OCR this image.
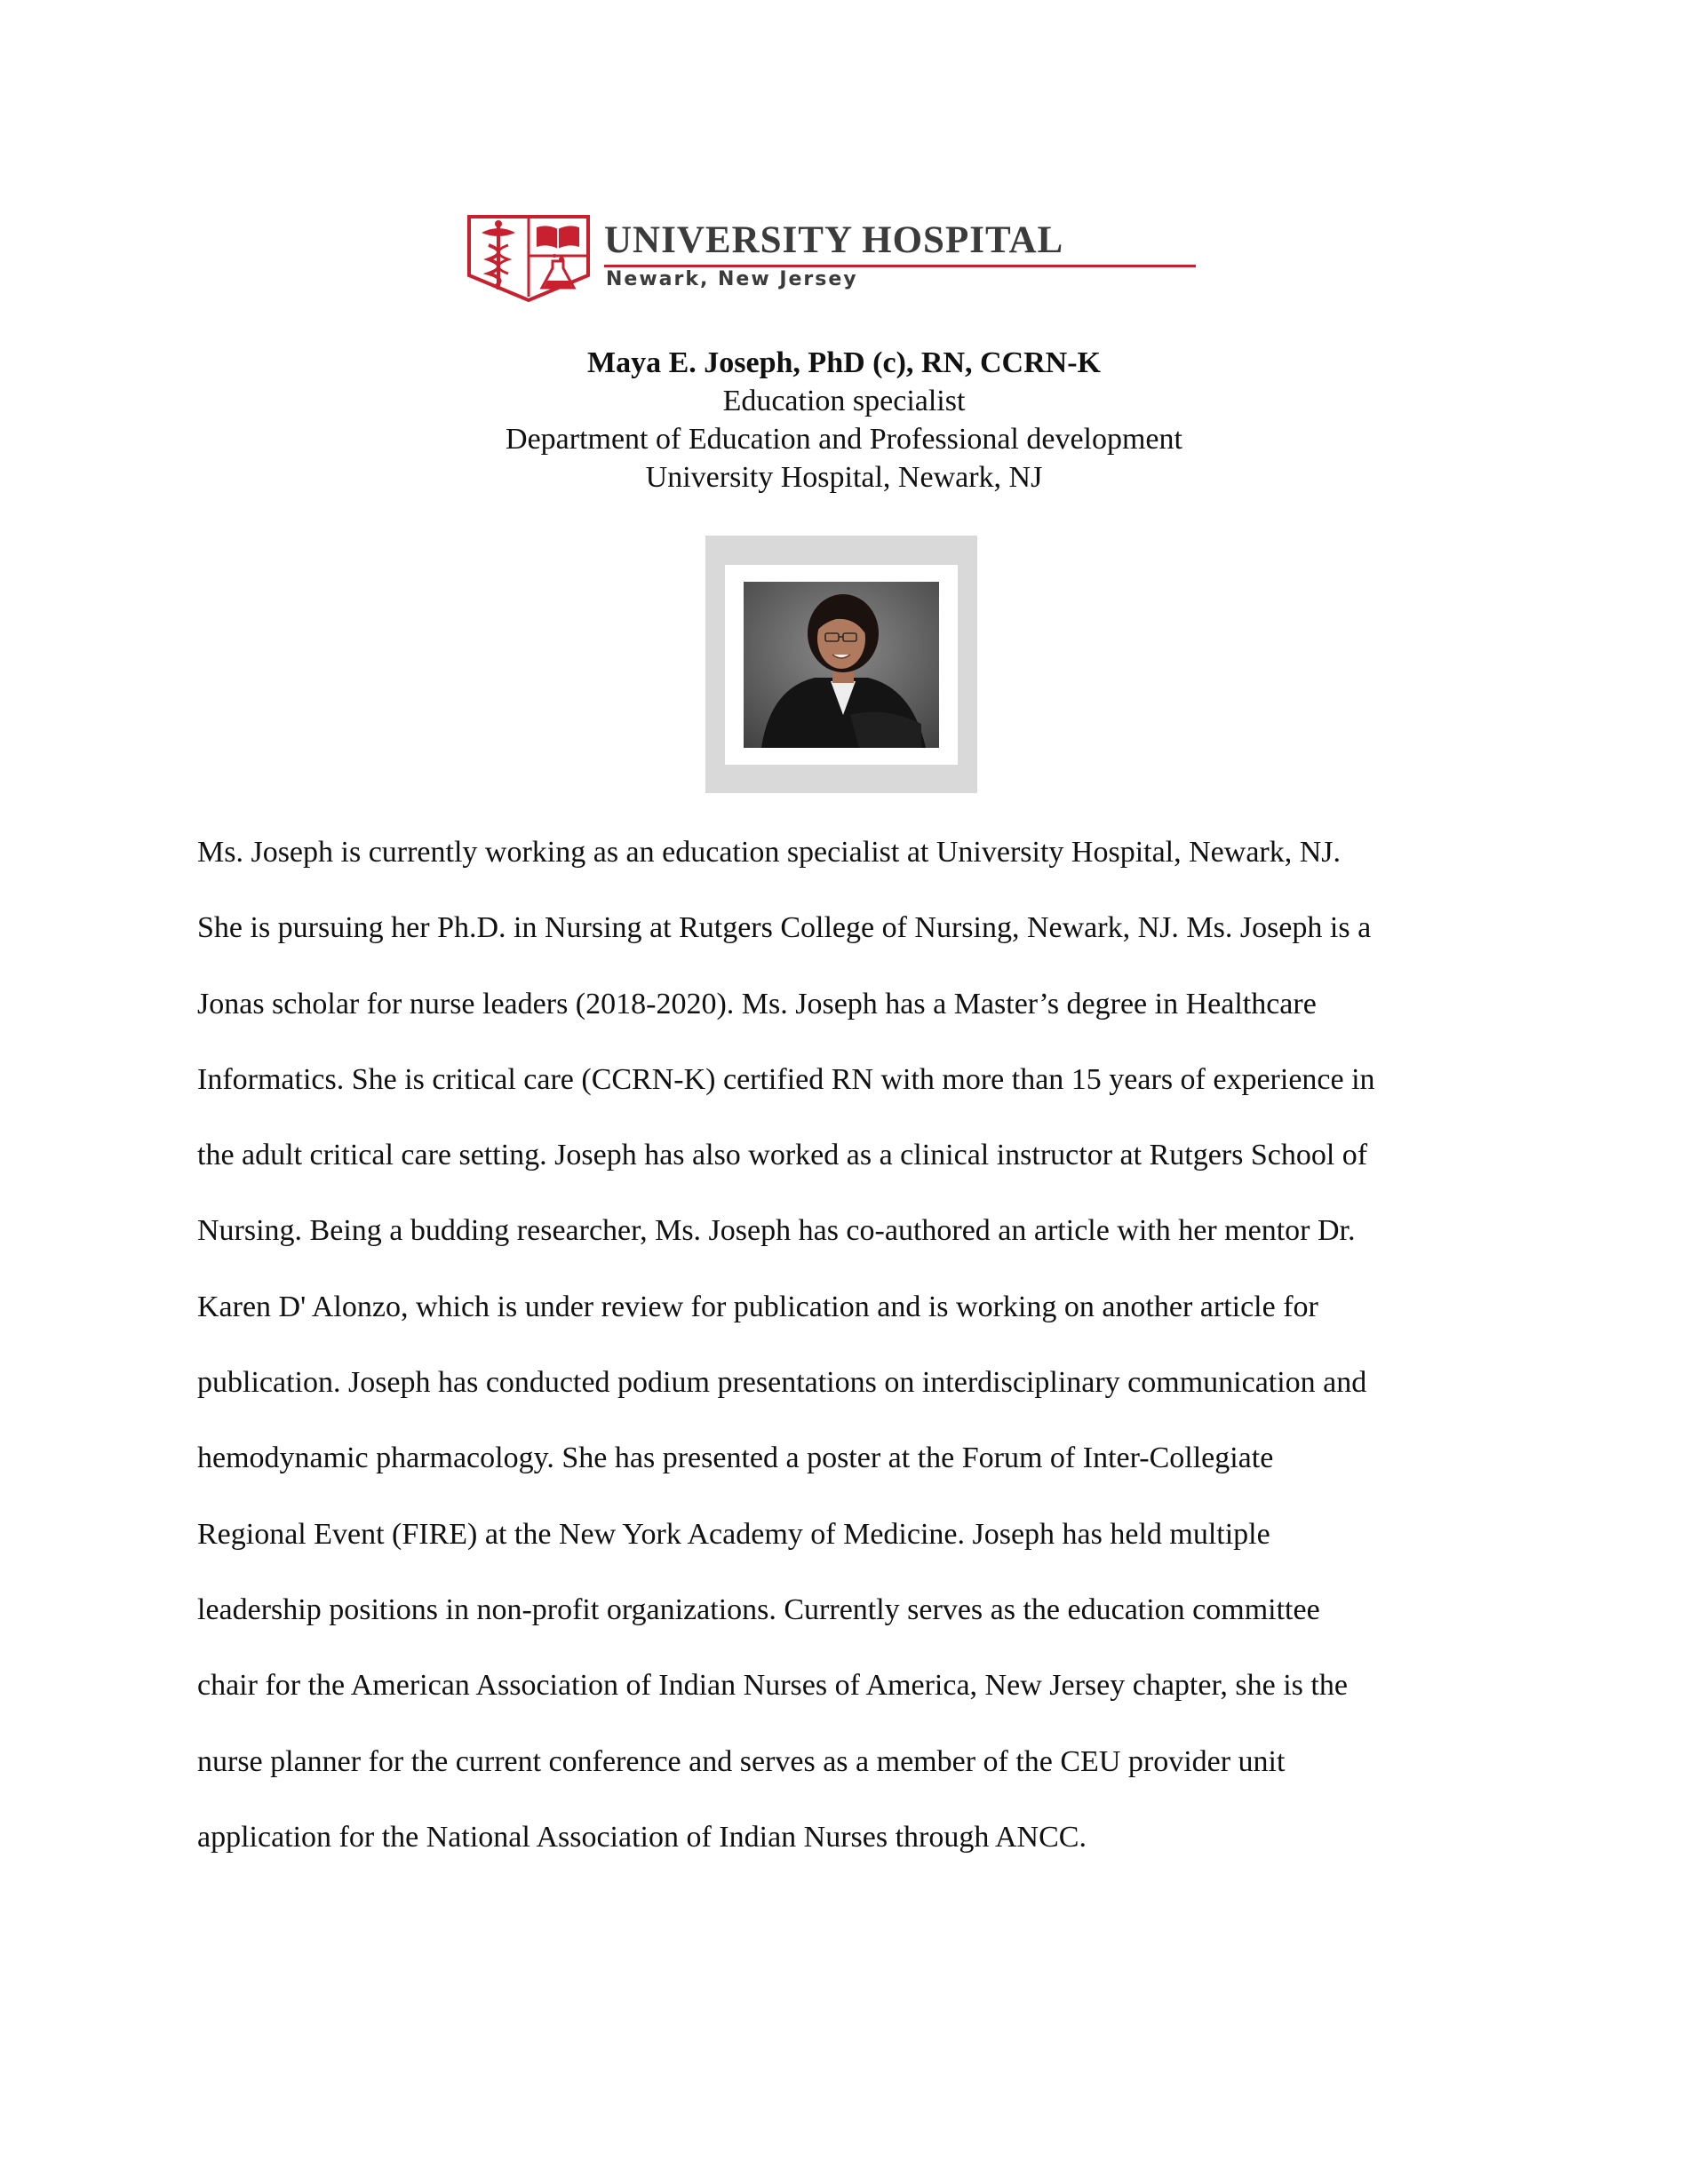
UNIVERSITY HOSPITAL
Newark, New Jersey
Maya E. Joseph, PhD (c), RN, CCRN-K
Education specialist
Department of Education and Professional development
University Hospital, Newark, NJ
Ms. Joseph is currently working as an education specialist at University Hospital, Newark, NJ.
She is pursuing her Ph.D. in Nursing at Rutgers College of Nursing, Newark, NJ. Ms. Joseph is a
Jonas scholar for nurse leaders (2018-2020). Ms. Joseph has a Master’s degree in Healthcare
Informatics. She is critical care (CCRN-K) certified RN with more than 15 years of experience in
the adult critical care setting. Joseph has also worked as a clinical instructor at Rutgers School of
Nursing. Being a budding researcher, Ms. Joseph has co-authored an article with her mentor Dr.
Karen D' Alonzo, which is under review for publication and is working on another article for
publication. Joseph has conducted podium presentations on interdisciplinary communication and
hemodynamic pharmacology. She has presented a poster at the Forum of Inter-Collegiate
Regional Event (FIRE) at the New York Academy of Medicine. Joseph has held multiple
leadership positions in non-profit organizations. Currently serves as the education committee
chair for the American Association of Indian Nurses of America, New Jersey chapter, she is the
nurse planner for the current conference and serves as a member of the CEU provider unit
application for the National Association of Indian Nurses through ANCC.
